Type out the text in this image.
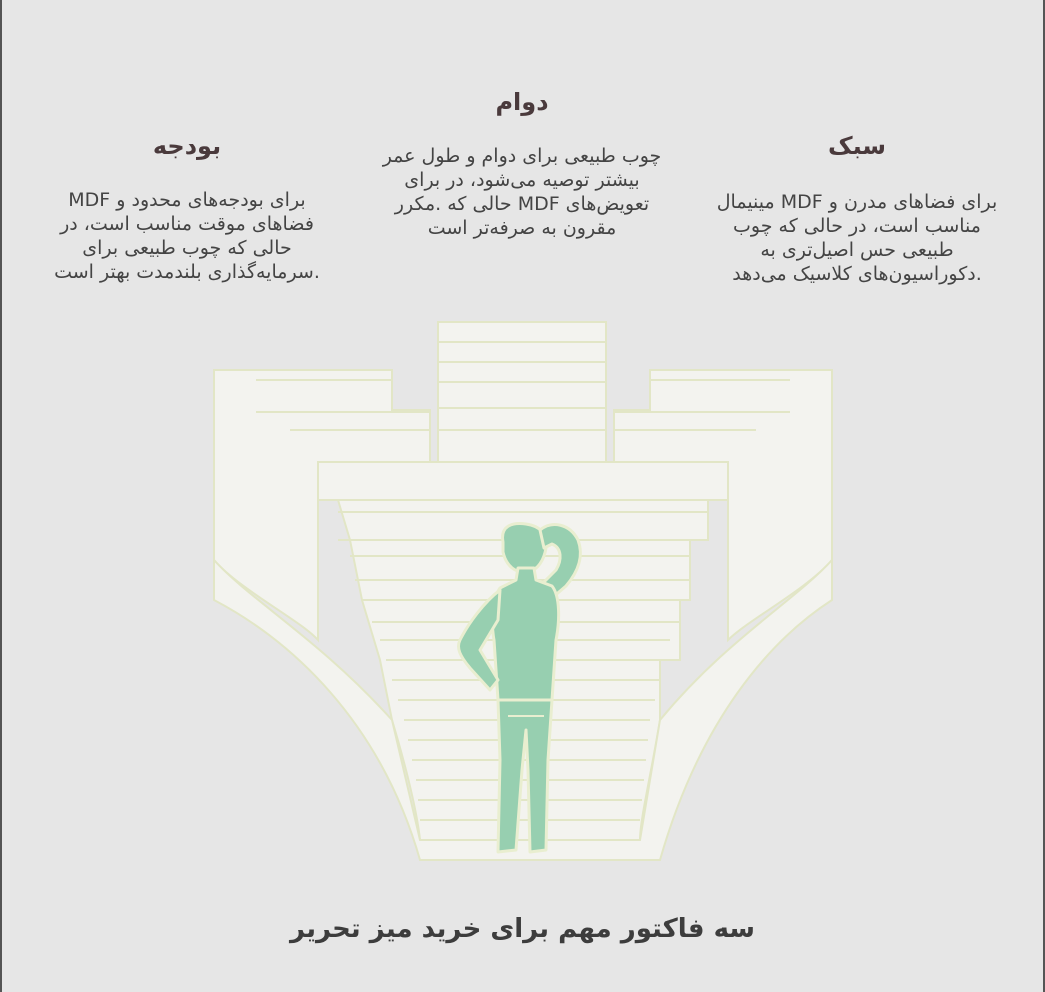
بودجه

برای بودجه‌های محدود و MDF فضاهای موقت مناسب است، در حالی که چوب طبیعی برای .سرمایه‌گذاری بلندمدت بهتر است

دوام

چوب طبیعی برای دوام و طول عمر بیشتر توصیه می‌شود، در برای تعویض‌های MDF حالی که .مکرر مقرون به صرفه‌تر است

سبک

برای فضاهای مدرن و MDF مینیمال مناسب است، در حالی که چوب طبیعی حس اصیل‌تری به .دکوراسیون‌های کلاسیک می‌دهد

سه فاکتور مهم برای خرید میز تحریر
